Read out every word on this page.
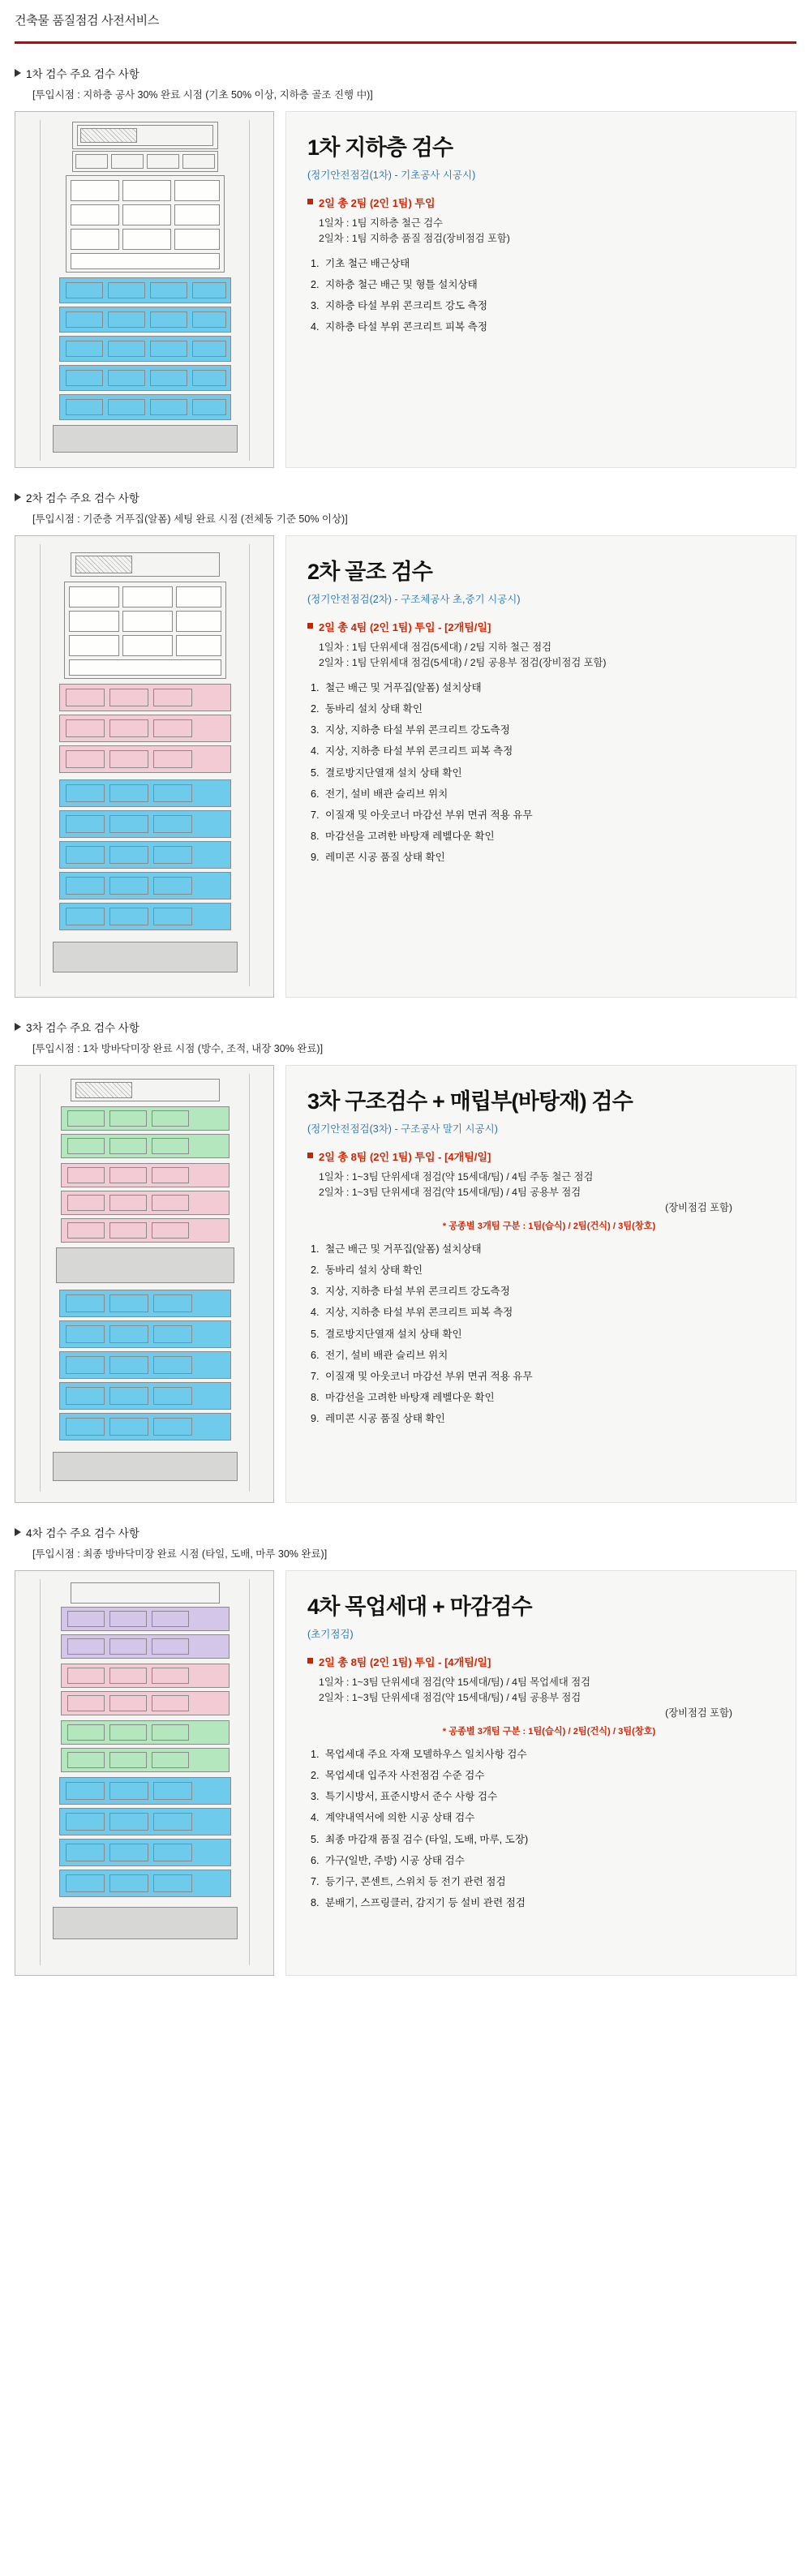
건축물 품질점검 사전서비스
1차 검수 주요 검수 사항
[투입시점 : 지하층 공사 30% 완료 시점 (기초 50% 이상, 지하층 골조 진행 中)]
1차 지하층 검수
(정기안전점검(1차) - 기초공사 시공시)
2일 총 2팀 (2인 1팀) 투입
1일차 : 1팀 지하층 철근 검수
2일차 : 1팀 지하층 품질 점검(장비점검 포함)
1. 기초 철근 배근상태
2. 지하층 철근 배근 및 형틀 설치상태
3. 지하층 타설 부위 콘크리트 강도 측정
4. 지하층 타설 부위 콘크리트 피복 측정
2차 검수 주요 검수 사항
[투입시점 : 기준층 거푸집(알폼) 세팅 완료 시점 (전체동 기준 50% 이상)]
2차 골조 검수
(정기안전점검(2차) - 구조체공사 초,중기 시공시)
2일 총 4팀 (2인 1팀) 투입 - [2개팀/일]
1일차 : 1팀 단위세대 점검(5세대) / 2팀 지하 철근 점검
2일차 : 1팀 단위세대 점검(5세대) / 2팀 공용부 점검(장비점검 포함)
1. 철근 배근 및 거푸집(알폼) 설치상태
2. 동바리 설치 상태 확인
3. 지상, 지하층 타설 부위 콘크리트 강도측정
4. 지상, 지하층 타설 부위 콘크리트 피복 측정
5. 결로방지단열재 설치 상태 확인
6. 전기, 설비 배관 슬리브 위치
7. 이질재 및 아웃코너 마감선 부위 면귀 적용 유무
8. 마감선을 고려한 바탕재 레벨다운 확인
9. 레미콘 시공 품질 상태 확인
3차 검수 주요 검수 사항
[투입시점 : 1차 방바닥미장 완료 시점 (방수, 조적, 내장 30% 완료)]
3차 구조검수 + 매립부(바탕재) 검수
(정기안전점검(3차) - 구조공사 말기 시공시)
2일 총 8팀 (2인 1팀) 투입 - [4개팀/일]
1일차 : 1~3팀 단위세대 점검(약 15세대/팀) / 4팀 주동 철근 점검
2일차 : 1~3팀 단위세대 점검(약 15세대/팀) / 4팀 공용부 점검
(장비점검 포함)
* 공종별 3개팀 구분 : 1팀(습식) / 2팀(건식) / 3팀(창호)
1. 철근 배근 및 거푸집(알폼) 설치상태
2. 동바리 설치 상태 확인
3. 지상, 지하층 타설 부위 콘크리트 강도측정
4. 지상, 지하층 타설 부위 콘크리트 피복 측정
5. 결로방지단열재 설치 상태 확인
6. 전기, 설비 배관 슬리브 위치
7. 이질재 및 아웃코너 마감선 부위 면귀 적용 유무
8. 마감선을 고려한 바탕재 레벨다운 확인
9. 레미콘 시공 품질 상태 확인
4차 검수 주요 검수 사항
[투입시점 : 최종 방바닥미장 완료 시점 (타일, 도배, 마루 30% 완료)]
4차 목업세대 + 마감검수
(초기점검)
2일 총 8팀 (2인 1팀) 투입 - [4개팀/일]
1일차 : 1~3팀 단위세대 점검(약 15세대/팀) / 4팀 목업세대 점검
2일차 : 1~3팀 단위세대 점검(약 15세대/팀) / 4팀 공용부 점검
(장비점검 포함)
* 공종별 3개팀 구분 : 1팀(습식) / 2팀(건식) / 3팀(창호)
1. 목업세대 주요 자재 모델하우스 일치사항 검수
2. 목업세대 입주자 사전점검 수준 검수
3. 특기시방서, 표준시방서 준수 사항 검수
4. 계약내역서에 의한 시공 상태 검수
5. 최종 마감재 품질 검수 (타일, 도배, 마루, 도장)
6. 가구(일반, 주방) 시공 상태 검수
7. 등기구, 콘센트, 스위치 등 전기 관련 점검
8. 분배기, 스프링클러, 감지기 등 설비 관련 점검
